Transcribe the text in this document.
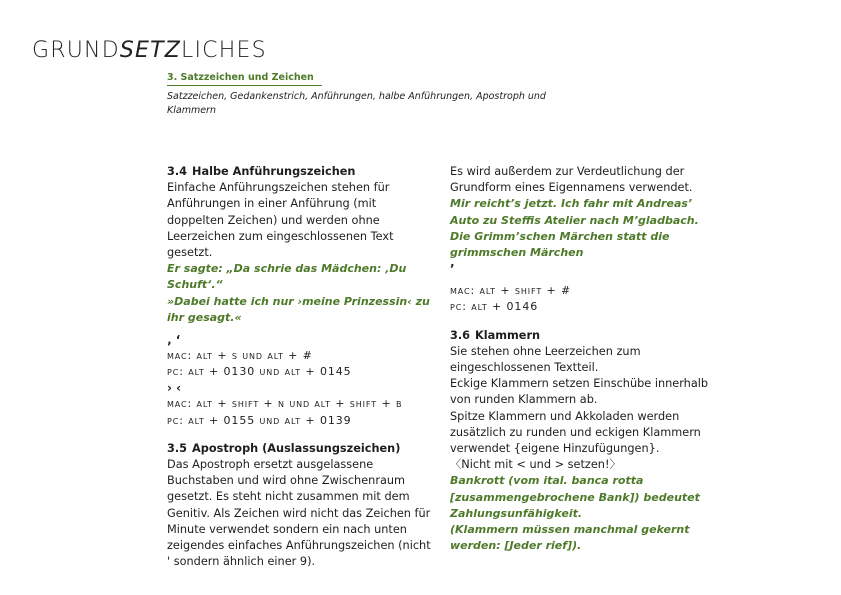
GRUNDSETZLICHES
3. Satzzeichen und Zeichen
Satzzeichen, Gedankenstrich, Anführungen, halbe Anführungen, Apostroph und Klammern

3.4 Halbe Anführungszeichen

Einfache Anführungszeichen stehen für Anführungen in einer Anführung (mit doppelten Zeichen) und werden ohne Leerzeichen zum eingeschlossenen Text gesetzt.

Er sagte: „Da schrie das Mädchen: ‚Du Schuft‘.“

»Dabei hatte ich nur ›meine Prinzessin‹ zu ihr gesagt.«

‚ ‘

mac: alt + s und alt + #

pc: alt + 0130 und alt + 0145

› ‹

mac: alt + shift + n und alt + shift + b

pc: alt + 0155 und alt + 0139

3.5 Apostroph (Auslassungszeichen)

Das Apostroph ersetzt ausgelassene Buchstaben und wird ohne Zwischenraum gesetzt. Es steht nicht zusammen mit dem Genitiv. Als Zeichen wird nicht das Zeichen für Minute verwendet sondern ein nach unten zeigendes einfaches Anführungszeichen (nicht ' sondern ähnlich einer 9).

Es wird außerdem zur Verdeutlichung der Grundform eines Eigennamens verwendet.

Mir reicht’s jetzt. Ich fahr mit Andreas’ Auto zu Steffis Atelier nach M’gladbach.

Die Grimm’schen Märchen statt die grimmschen Märchen

’

mac: alt + shift + #

pc: alt + 0146

3.6 Klammern

Sie stehen ohne Leerzeichen zum eingeschlossenen Textteil.

Eckige Klammern setzen Einschübe innerhalb von runden Klammern ab.

Spitze Klammern und Akkoladen werden zusätzlich zu runden und eckigen Klammern verwendet {eigene Hinzufügungen}.

〈Nicht mit < und > setzen!〉

Bankrott (vom ital. banca rotta [zusammengebrochene Bank]) bedeutet Zahlungsunfähigkeit.

(Klammern müssen manchmal gekernt werden: [Jeder rief]).
